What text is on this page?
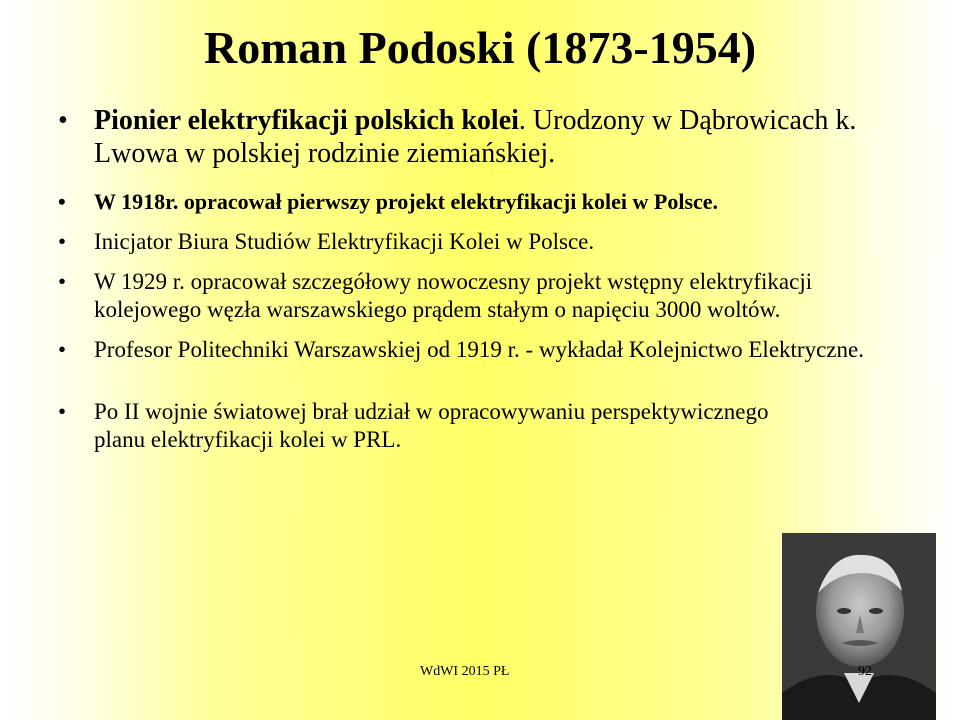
Roman Podoski (1873-1954)
• Pionier elektryfikacji polskich kolei. Urodzony w Dąbrowicach k. Lwowa w polskiej rodzinie ziemiańskiej.
• W 1918r. opracował pierwszy projekt elektryfikacji kolei w Polsce.
• Inicjator Biura Studiów Elektryfikacji Kolei w Polsce.
• W 1929 r. opracował szczegółowy nowoczesny projekt wstępny elektryfikacji kolejowego węzła warszawskiego prądem stałym o napięciu 3000 woltów.
• Profesor Politechniki Warszawskiej od 1919 r. - wykładał Kolejnictwo Elektryczne.
• Po II wojnie światowej brał udział w opracowywaniu perspektywicznego planu elektryfikacji kolei w PRL.
WdWI 2015 PŁ	92
